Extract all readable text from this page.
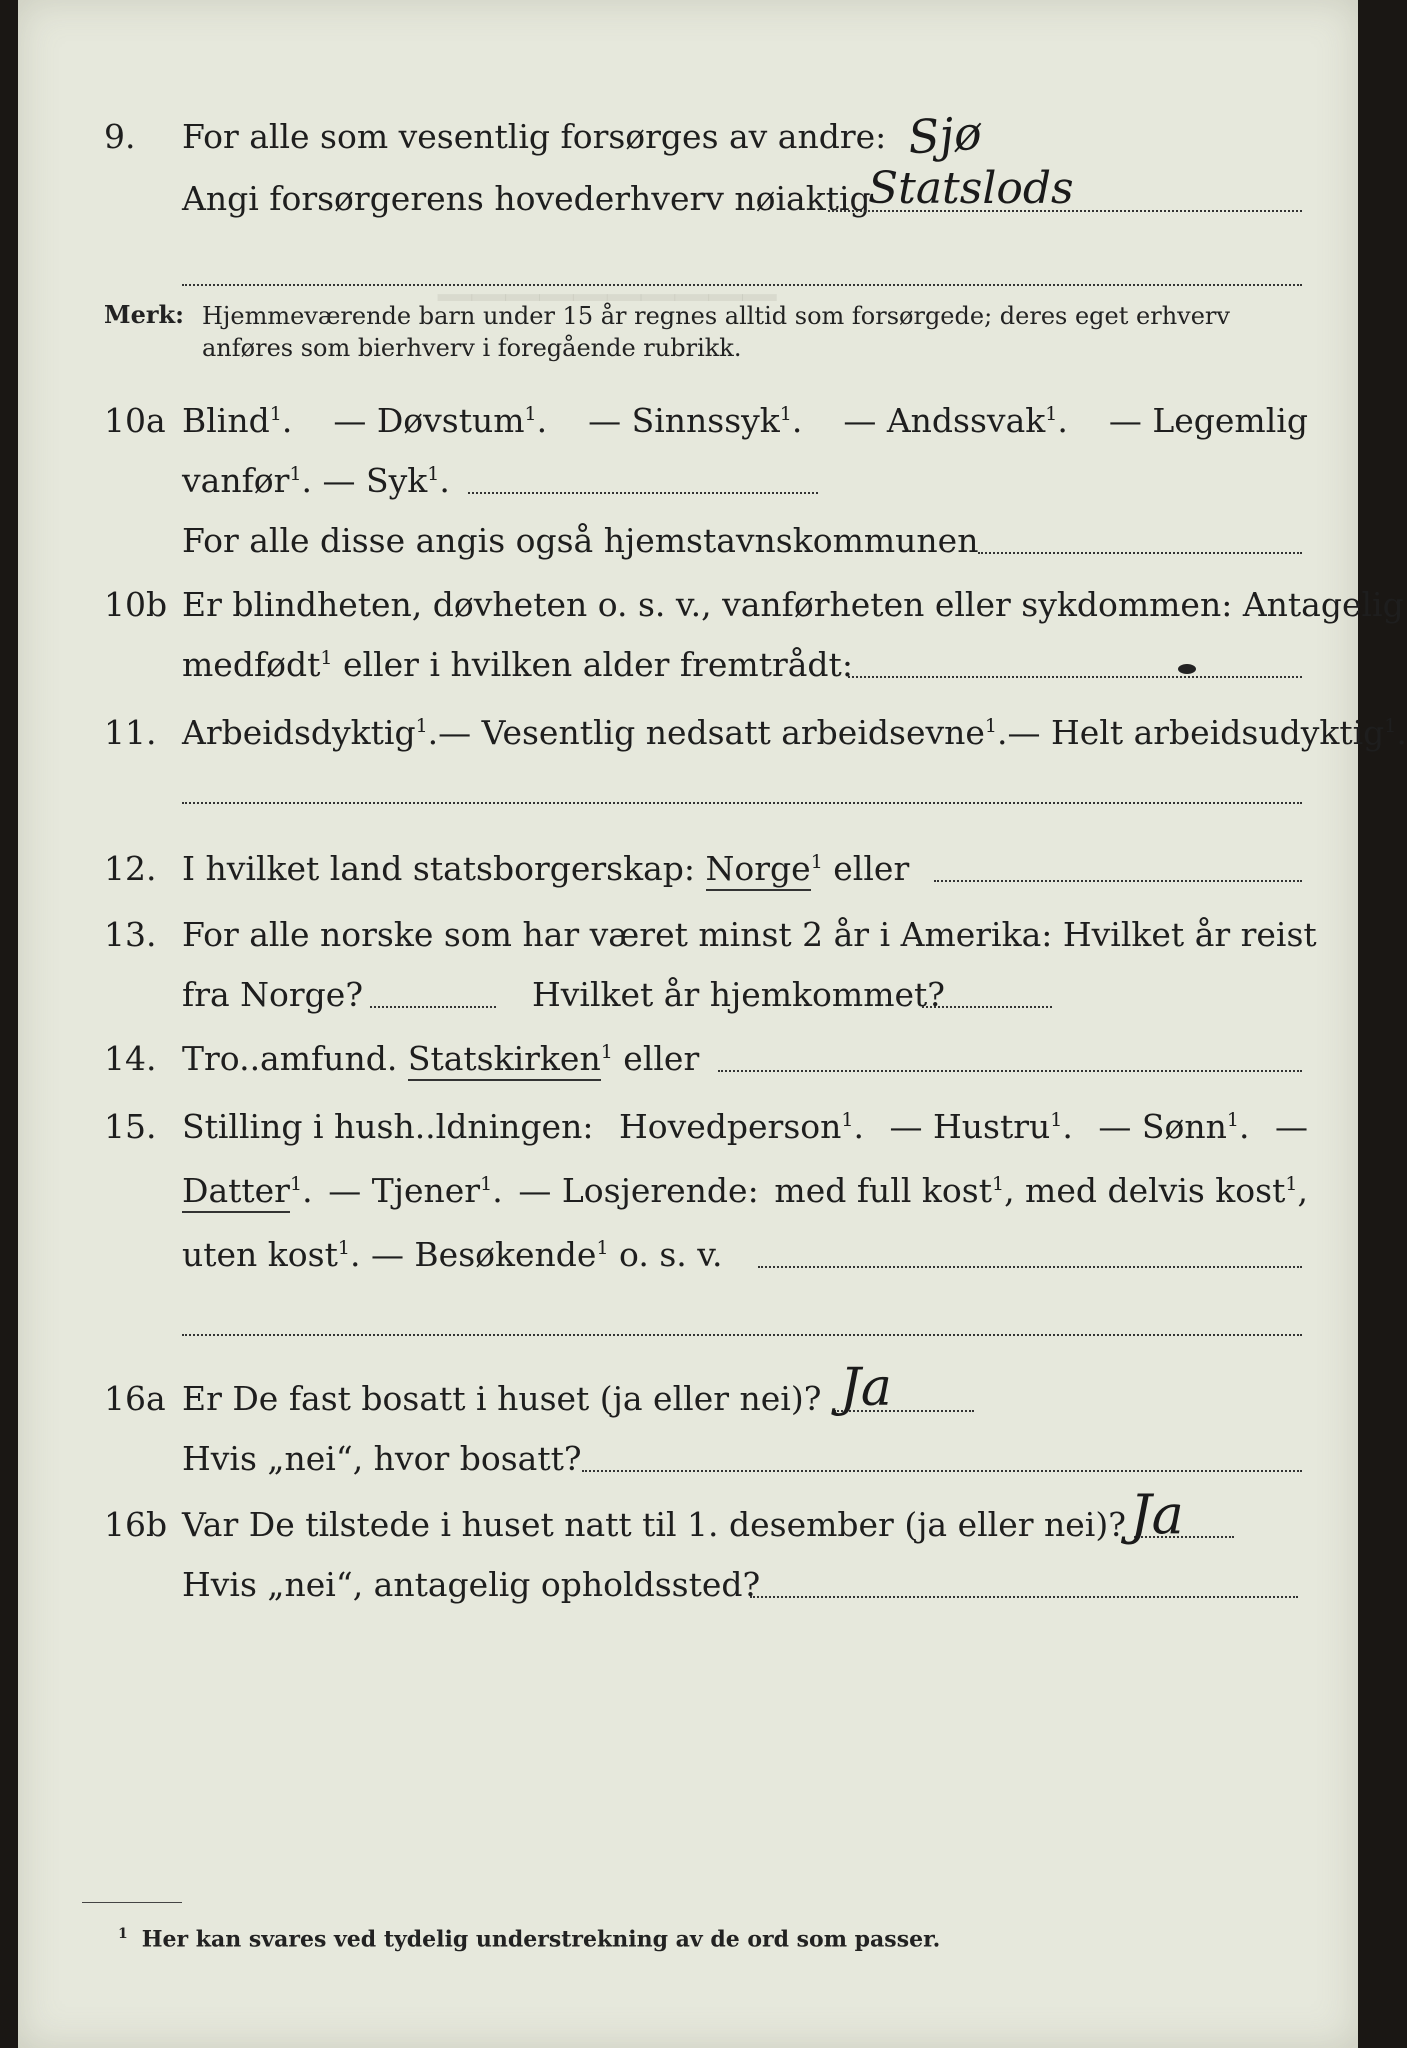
▁▁▁▁▁▁▁▁▁▁
9. For alle som vesentlig forsørges av andre: Sjø
Angi forsørgerens hovederhverv nøiaktig
Statslods
Merk: Hjemmeværende barn under 15 år regnes alltid som forsørgede; deres eget erhverv
anføres som bierhverv i foregående rubrikk.
10a Blind$^1$. — Døvstum$^1$. — Sinnssyk$^1$. — Andssvak$^1$. — Legemlig
vanfør$^1$. — Syk$^1$.
For alle disse angis også hjemstavnskommunen
10b Er blindheten, døvheten o. s. v., vanførheten eller sykdommen: Antagelig
medfødt$^1$ eller i hvilken alder fremtrådt:
11. Arbeidsdyktig$^1$. — Vesentlig nedsatt arbeidsevne$^1$. — Helt arbeidsudyktig$^1$.
12. I hvilket land statsborgerskap: Norge$^1$ eller
13. For alle norske som har været minst 2 år i Amerika: Hvilket år reist
fra Norge?	Hvilket år hjemkommet?
14. Tro..amfund. Statskirken$^1$ eller
15. Stilling i hush..ldningen: Hovedperson$^1$. — Hustru$^1$. — Sønn$^1$. —
Datter$^1$. — Tjener$^1$. — Losjerende: med full kost$^1$, med delvis kost$^1$,
uten kost$^1$. — Besøkende$^1$ o. s. v.
16a Er De fast bosatt i huset (ja eller nei)? Ja
Hvis „nei“, hvor bosatt?
16b Var De tilstede i huset natt til 1. desember (ja eller nei)? Ja
Hvis „nei“, antagelig opholdssted?
$^1$ Her kan svares ved tydelig understrekning av de ord som passer.
